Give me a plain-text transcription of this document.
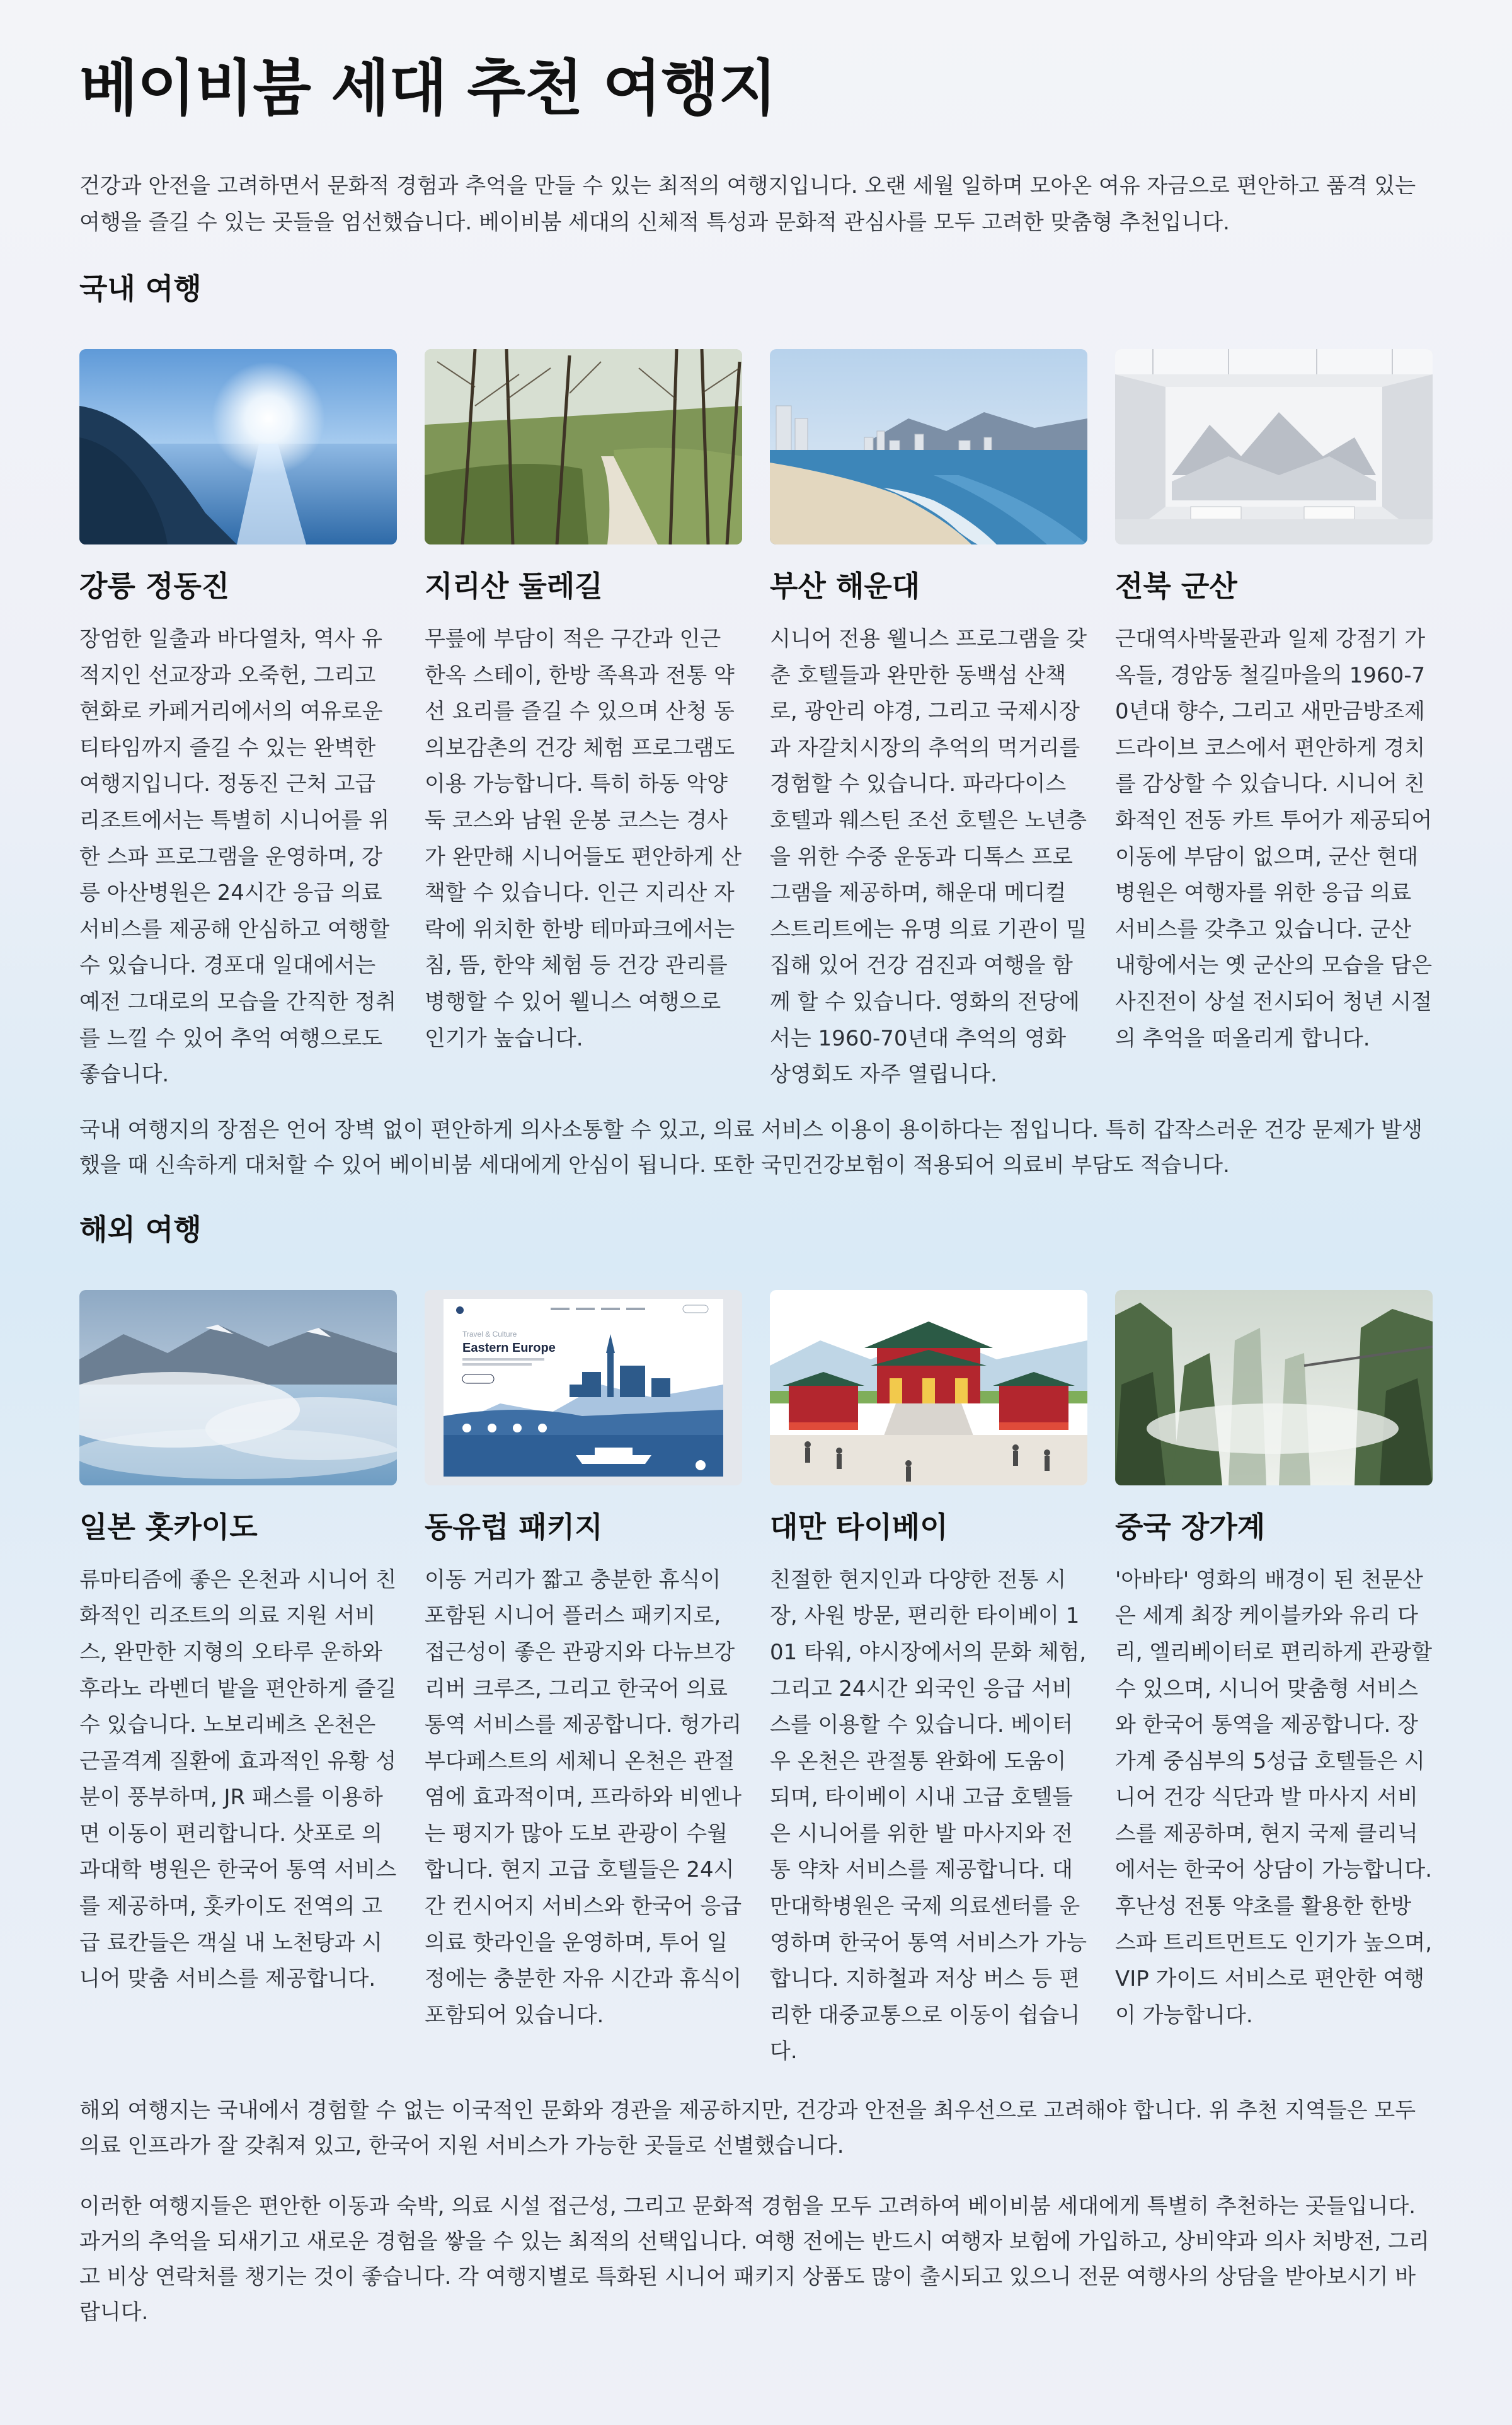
베이비붐 세대 추천 여행지

건강과 안전을 고려하면서 문화적 경험과 추억을 만들 수 있는 최적의 여행지입니다. 오랜 세월 일하며 모아온 여유 자금으로 편안하고 품격 있는 여행을 즐길 수 있는 곳들을 엄선했습니다. 베이비붐 세대의 신체적 특성과 문화적 관심사를 모두 고려한 맞춤형 추천입니다.

국내 여행
강릉 정동진

장엄한 일출과 바다열차, 역사 유적지인 선교장과 오죽헌, 그리고 현화로 카페거리에서의 여유로운 티타임까지 즐길 수 있는 완벽한 여행지입니다. 정동진 근처 고급 리조트에서는 특별히 시니어를 위한 스파 프로그램을 운영하며, 강릉 아산병원은 24시간 응급 의료 서비스를 제공해 안심하고 여행할 수 있습니다. 경포대 일대에서는 예전 그대로의 모습을 간직한 정취를 느낄 수 있어 추억 여행으로도 좋습니다.

지리산 둘레길

무릎에 부담이 적은 구간과 인근 한옥 스테이, 한방 족욕과 전통 약선 요리를 즐길 수 있으며 산청 동의보감촌의 건강 체험 프로그램도 이용 가능합니다. 특히 하동 악양둑 코스와 남원 운봉 코스는 경사가 완만해 시니어들도 편안하게 산책할 수 있습니다. 인근 지리산 자락에 위치한 한방 테마파크에서는 침, 뜸, 한약 체험 등 건강 관리를 병행할 수 있어 웰니스 여행으로 인기가 높습니다.

부산 해운대

시니어 전용 웰니스 프로그램을 갖춘 호텔들과 완만한 동백섬 산책로, 광안리 야경, 그리고 국제시장과 자갈치시장의 추억의 먹거리를 경험할 수 있습니다. 파라다이스 호텔과 웨스틴 조선 호텔은 노년층을 위한 수중 운동과 디톡스 프로그램을 제공하며, 해운대 메디컬 스트리트에는 유명 의료 기관이 밀집해 있어 건강 검진과 여행을 함께 할 수 있습니다. 영화의 전당에서는 1960-70년대 추억의 영화 상영회도 자주 열립니다.

전북 군산

근대역사박물관과 일제 강점기 가옥들, 경암동 철길마을의 1960-70년대 향수, 그리고 새만금방조제 드라이브 코스에서 편안하게 경치를 감상할 수 있습니다. 시니어 친화적인 전동 카트 투어가 제공되어 이동에 부담이 없으며, 군산 현대병원은 여행자를 위한 응급 의료 서비스를 갖추고 있습니다. 군산 내항에서는 옛 군산의 모습을 담은 사진전이 상설 전시되어 청년 시절의 추억을 떠올리게 합니다.

국내 여행지의 장점은 언어 장벽 없이 편안하게 의사소통할 수 있고, 의료 서비스 이용이 용이하다는 점입니다. 특히 갑작스러운 건강 문제가 발생했을 때 신속하게 대처할 수 있어 베이비붐 세대에게 안심이 됩니다. 또한 국민건강보험이 적용되어 의료비 부담도 적습니다.

해외 여행
일본 홋카이도

류마티즘에 좋은 온천과 시니어 친화적인 리조트의 의료 지원 서비스, 완만한 지형의 오타루 운하와 후라노 라벤더 밭을 편안하게 즐길 수 있습니다. 노보리베츠 온천은 근골격계 질환에 효과적인 유황 성분이 풍부하며, JR 패스를 이용하면 이동이 편리합니다. 삿포로 의과대학 병원은 한국어 통역 서비스를 제공하며, 홋카이도 전역의 고급 료칸들은 객실 내 노천탕과 시니어 맞춤 서비스를 제공합니다.

Travel & Culture
Eastern Europe
동유럽 패키지

이동 거리가 짧고 충분한 휴식이 포함된 시니어 플러스 패키지로, 접근성이 좋은 관광지와 다뉴브강 리버 크루즈, 그리고 한국어 의료 통역 서비스를 제공합니다. 헝가리 부다페스트의 세체니 온천은 관절염에 효과적이며, 프라하와 비엔나는 평지가 많아 도보 관광이 수월합니다. 현지 고급 호텔들은 24시간 컨시어지 서비스와 한국어 응급 의료 핫라인을 운영하며, 투어 일정에는 충분한 자유 시간과 휴식이 포함되어 있습니다.

대만 타이베이

친절한 현지인과 다양한 전통 시장, 사원 방문, 편리한 타이베이 101 타워, 야시장에서의 문화 체험, 그리고 24시간 외국인 응급 서비스를 이용할 수 있습니다. 베이터우 온천은 관절통 완화에 도움이 되며, 타이베이 시내 고급 호텔들은 시니어를 위한 발 마사지와 전통 약차 서비스를 제공합니다. 대만대학병원은 국제 의료센터를 운영하며 한국어 통역 서비스가 가능합니다. 지하철과 저상 버스 등 편리한 대중교통으로 이동이 쉽습니다.

중국 장가계

'아바타' 영화의 배경이 된 천문산은 세계 최장 케이블카와 유리 다리, 엘리베이터로 편리하게 관광할 수 있으며, 시니어 맞춤형 서비스와 한국어 통역을 제공합니다. 장가계 중심부의 5성급 호텔들은 시니어 건강 식단과 발 마사지 서비스를 제공하며, 현지 국제 클리닉에서는 한국어 상담이 가능합니다. 후난성 전통 약초를 활용한 한방 스파 트리트먼트도 인기가 높으며, VIP 가이드 서비스로 편안한 여행이 가능합니다.

해외 여행지는 국내에서 경험할 수 없는 이국적인 문화와 경관을 제공하지만, 건강과 안전을 최우선으로 고려해야 합니다. 위 추천 지역들은 모두 의료 인프라가 잘 갖춰져 있고, 한국어 지원 서비스가 가능한 곳들로 선별했습니다.

이러한 여행지들은 편안한 이동과 숙박, 의료 시설 접근성, 그리고 문화적 경험을 모두 고려하여 베이비붐 세대에게 특별히 추천하는 곳들입니다. 과거의 추억을 되새기고 새로운 경험을 쌓을 수 있는 최적의 선택입니다. 여행 전에는 반드시 여행자 보험에 가입하고, 상비약과 의사 처방전, 그리고 비상 연락처를 챙기는 것이 좋습니다. 각 여행지별로 특화된 시니어 패키지 상품도 많이 출시되고 있으니 전문 여행사의 상담을 받아보시기 바랍니다.
